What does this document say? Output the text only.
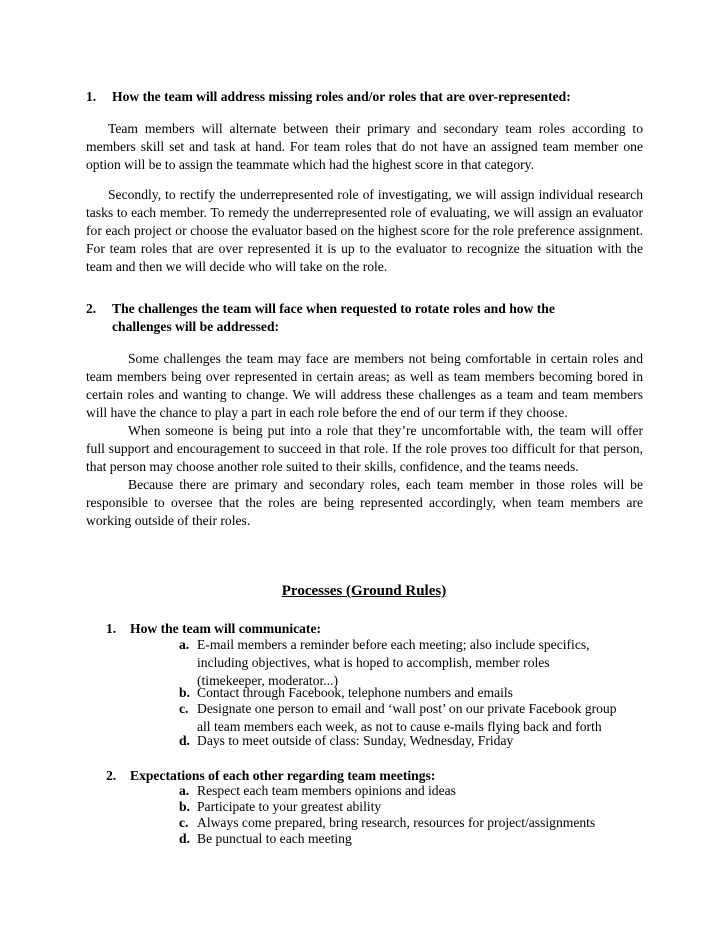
1. How the team will address missing roles and/or roles that are over-represented:

Team members will alternate between their primary and secondary team roles according to members skill set and task at hand. For team roles that do not have an assigned team member one option will be to assign the teammate which had the highest score in that category.

Secondly, to rectify the underrepresented role of investigating, we will assign individual research tasks to each member. To remedy the underrepresented role of evaluating, we will assign an evaluator for each project or choose the evaluator based on the highest score for the role preference assignment. For team roles that are over represented it is up to the evaluator to recognize the situation with the team and then we will decide who will take on the role.

2. The challenges the team will face when requested to rotate roles and how the
challenges will be addressed:

Some challenges the team may face are members not being comfortable in certain roles and team members being over represented in certain areas; as well as team members becoming bored in certain roles and wanting to change. We will address these challenges as a team and team members will have the chance to play a part in each role before the end of our term if they choose.

When someone is being put into a role that they’re uncomfortable with, the team will offer full support and encouragement to succeed in that role. If the role proves too difficult for that person, that person may choose another role suited to their skills, confidence, and the teams needs.

Because there are primary and secondary roles, each team member in those roles will be responsible to oversee that the roles are being represented accordingly, when team members are working outside of their roles.

Processes (Ground Rules)
1. How the team will communicate:
a. E-mail members a reminder before each meeting; also include specifics,
including objectives, what is hoped to accomplish, member roles
(timekeeper, moderator...)
b. Contact through Facebook, telephone numbers and emails
c. Designate one person to email and ‘wall post’ on our private Facebook group
all team members each week, as not to cause e-mails flying back and forth
d. Days to meet outside of class: Sunday, Wednesday, Friday
2. Expectations of each other regarding team meetings:
a. Respect each team members opinions and ideas
b. Participate to your greatest ability
c. Always come prepared, bring research, resources for project/assignments
d. Be punctual to each meeting
